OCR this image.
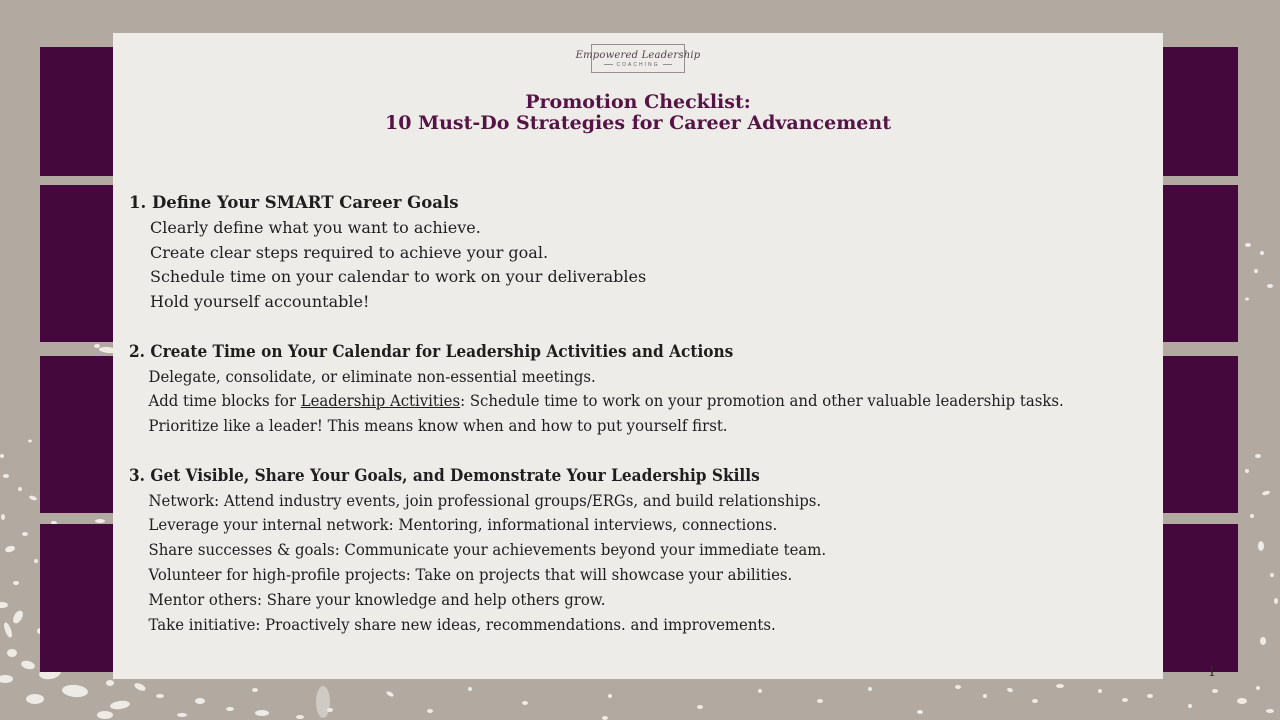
Empowered Leadership
COACHING
Promotion Checklist:
10 Must-Do Strategies for Career Advancement
1. Define Your SMART Career Goals
Clearly define what you want to achieve.
Create clear steps required to achieve your goal.
Schedule time on your calendar to work on your deliverables
Hold yourself accountable!
2. Create Time on Your Calendar for Leadership Activities and Actions
Delegate, consolidate, or eliminate non-essential meetings.
Add time blocks for Leadership Activities: Schedule time to work on your promotion and other valuable leadership tasks.
Prioritize like a leader! This means know when and how to put yourself first.
3. Get Visible, Share Your Goals, and Demonstrate Your Leadership Skills
Network: Attend industry events, join professional groups/ERGs, and build relationships.
Leverage your internal network: Mentoring, informational interviews, connections.
Share successes & goals: Communicate your achievements beyond your immediate team.
Volunteer for high-profile projects: Take on projects that will showcase your abilities.
Mentor others: Share your knowledge and help others grow.
Take initiative: Proactively share new ideas, recommendations. and improvements.
1
